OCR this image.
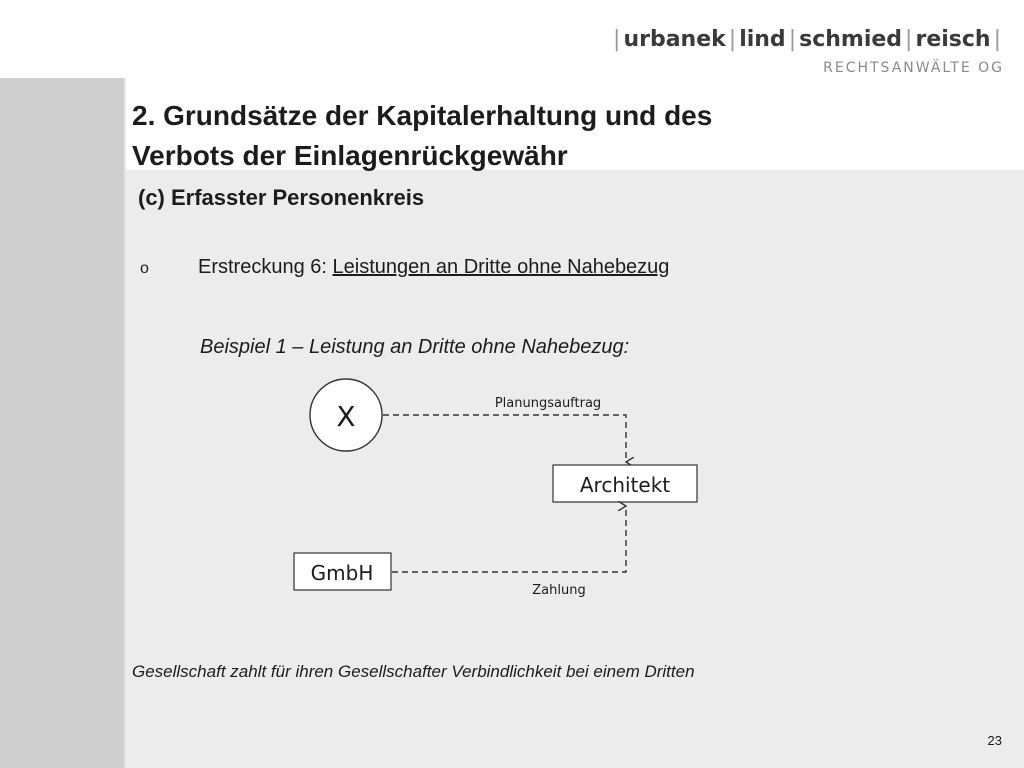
| urbanek | lind | schmied | reisch |
RECHTSANWÄLTE OG
2. Grundsätze der Kapitalerhaltung und des
Verbots der Einlagenrückgewähr
(c) Erfasster Personenkreis
o Erstreckung 6: Leistungen an Dritte ohne Nahebezug
Beispiel 1 – Leistung an Dritte ohne Nahebezug:
X	Planungsauftrag
Architekt
GmbH
Zahlung
Gesellschaft zahlt für ihren Gesellschafter Verbindlichkeit bei einem Dritten
23
